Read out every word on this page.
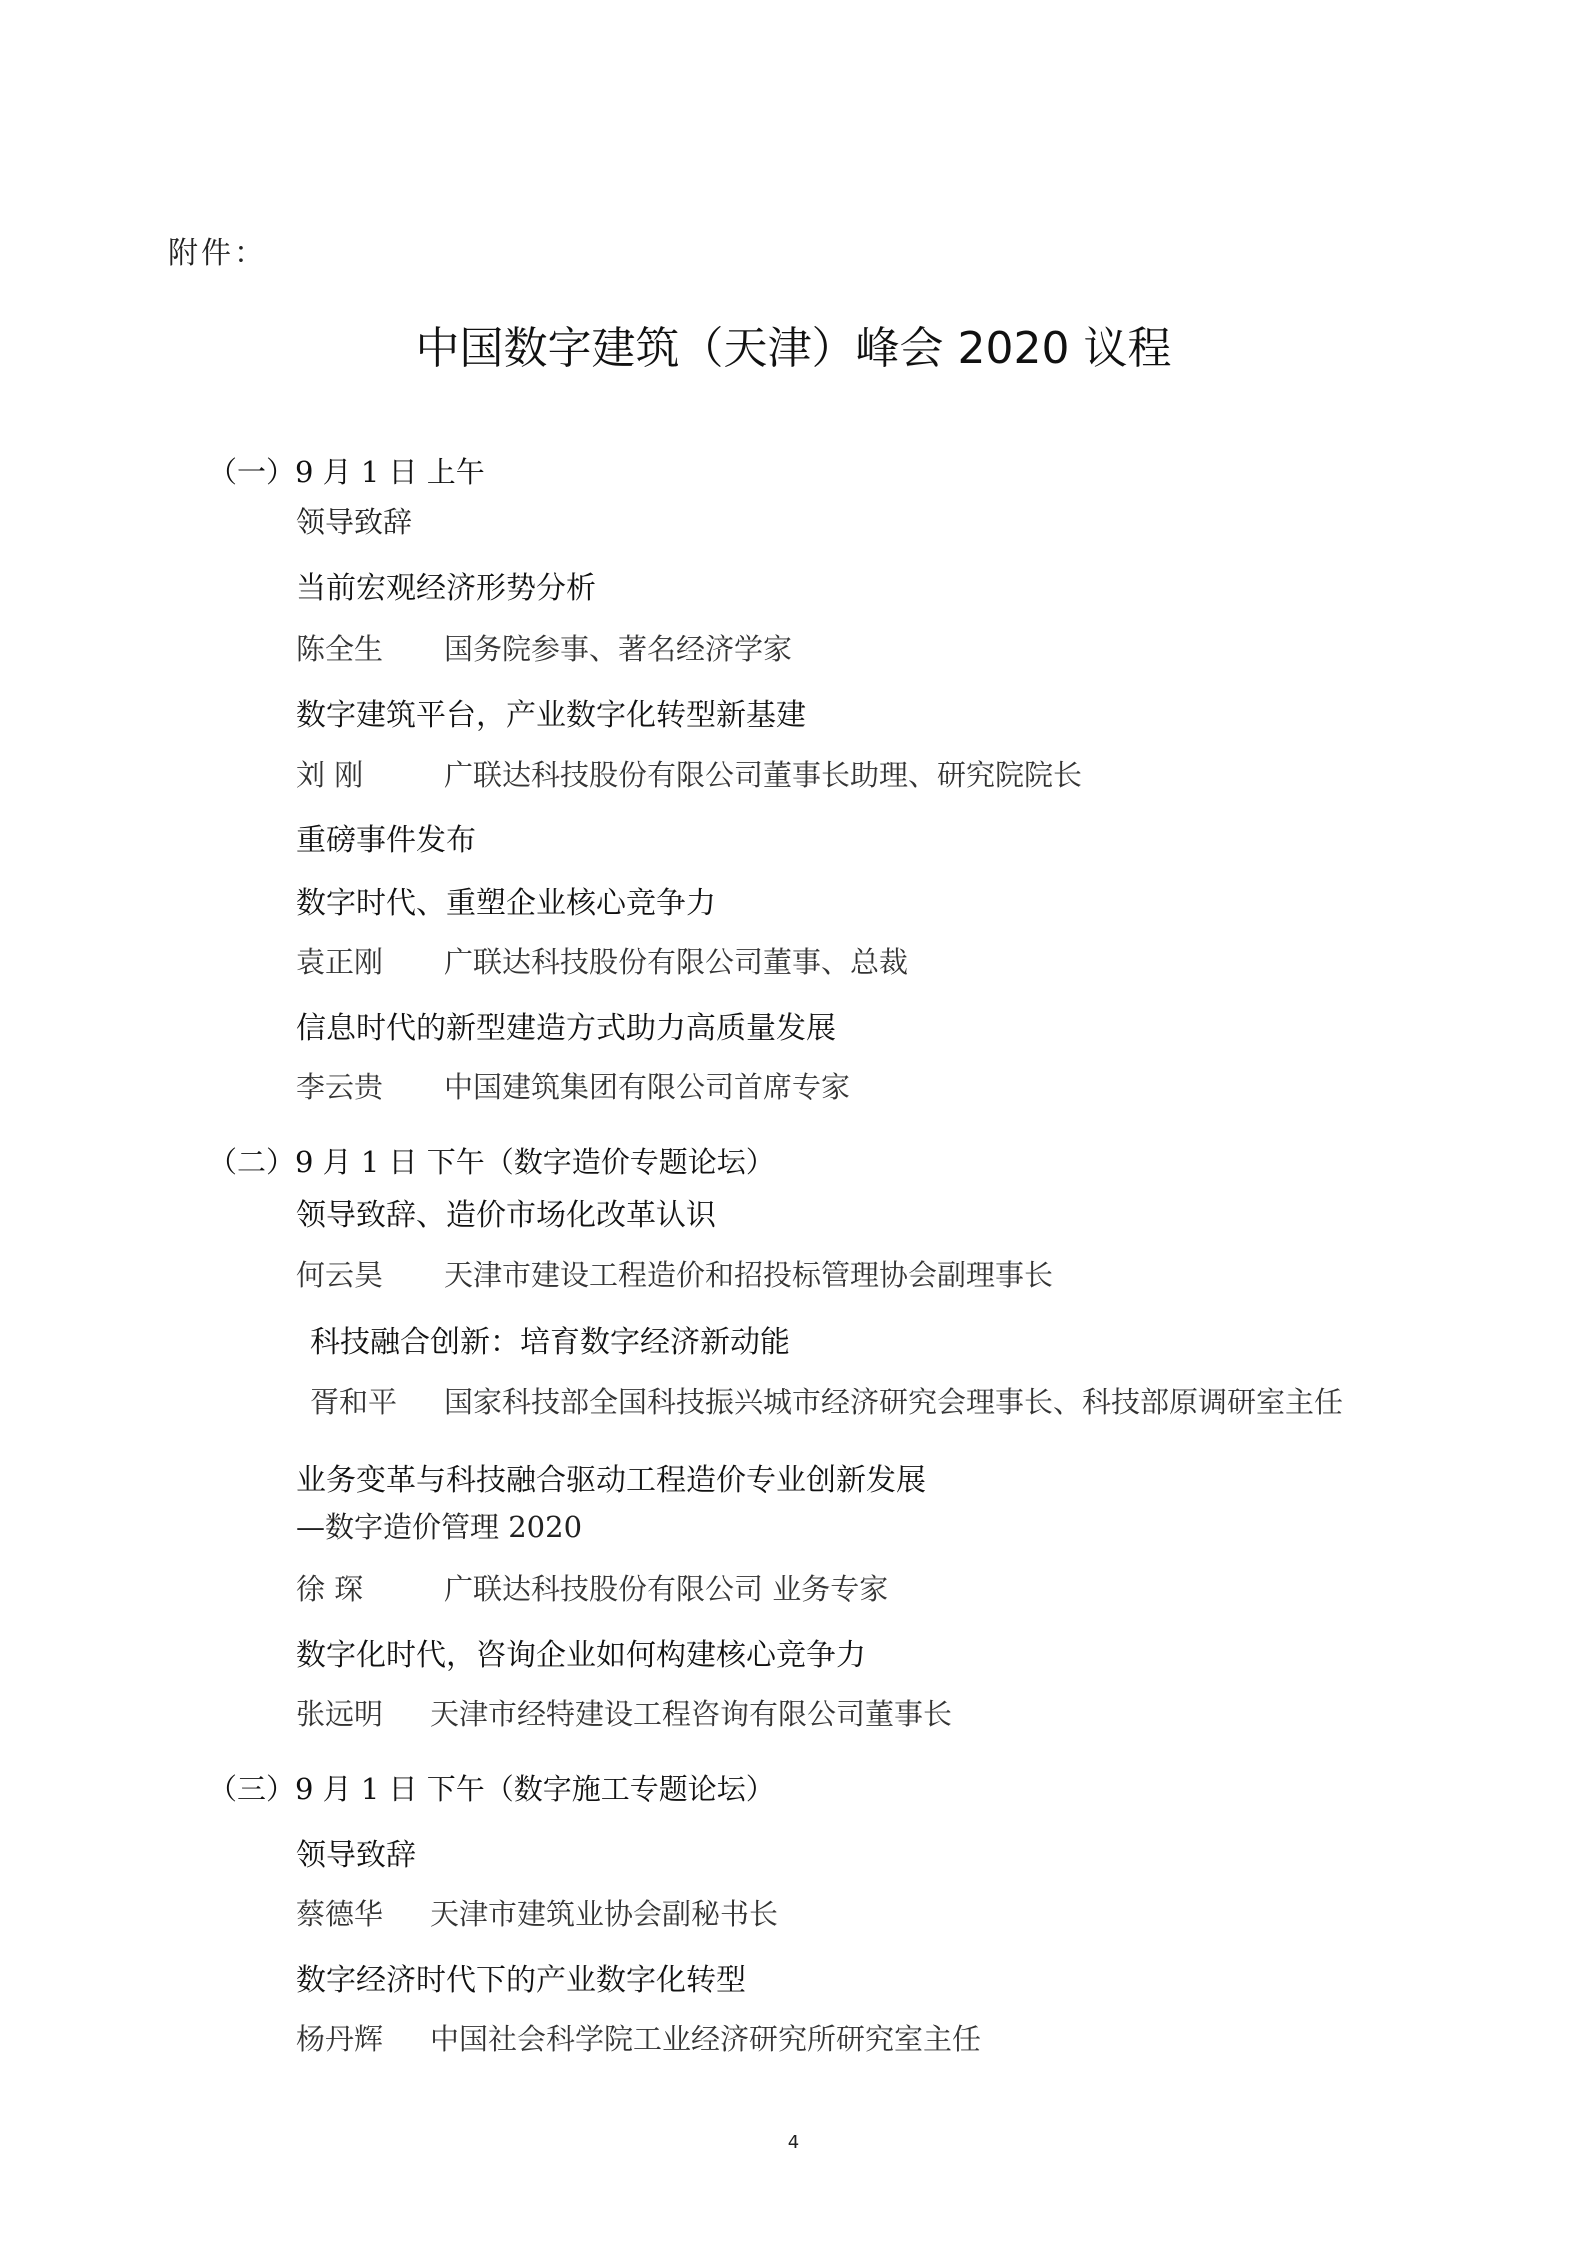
附件：
中国数字建筑（天津）峰会 2020 议程
（一）9 月 1 日 上午
领导致辞
当前宏观经济形势分析
陈全生 国务院参事、著名经济学家
数字建筑平台，产业数字化转型新基建
刘 刚	广联达科技股份有限公司董事长助理、研究院院长
重磅事件发布
数字时代、重塑企业核心竞争力
袁正刚 广联达科技股份有限公司董事、总裁
信息时代的新型建造方式助力高质量发展
李云贵 中国建筑集团有限公司首席专家
（二）9 月 1 日 下午（数字造价专题论坛）
领导致辞、造价市场化改革认识
何云昊 天津市建设工程造价和招投标管理协会副理事长
科技融合创新：培育数字经济新动能
胥和平 国家科技部全国科技振兴城市经济研究会理事长、科技部原调研室主任
业务变革与科技融合驱动工程造价专业创新发展
—数字造价管理 2020
徐 琛	广联达科技股份有限公司 业务专家
数字化时代，咨询企业如何构建核心竞争力
张远明 天津市经特建设工程咨询有限公司董事长
（三）9 月 1 日 下午（数字施工专题论坛）
领导致辞
蔡德华 天津市建筑业协会副秘书长
数字经济时代下的产业数字化转型
杨丹辉 中国社会科学院工业经济研究所研究室主任
4
